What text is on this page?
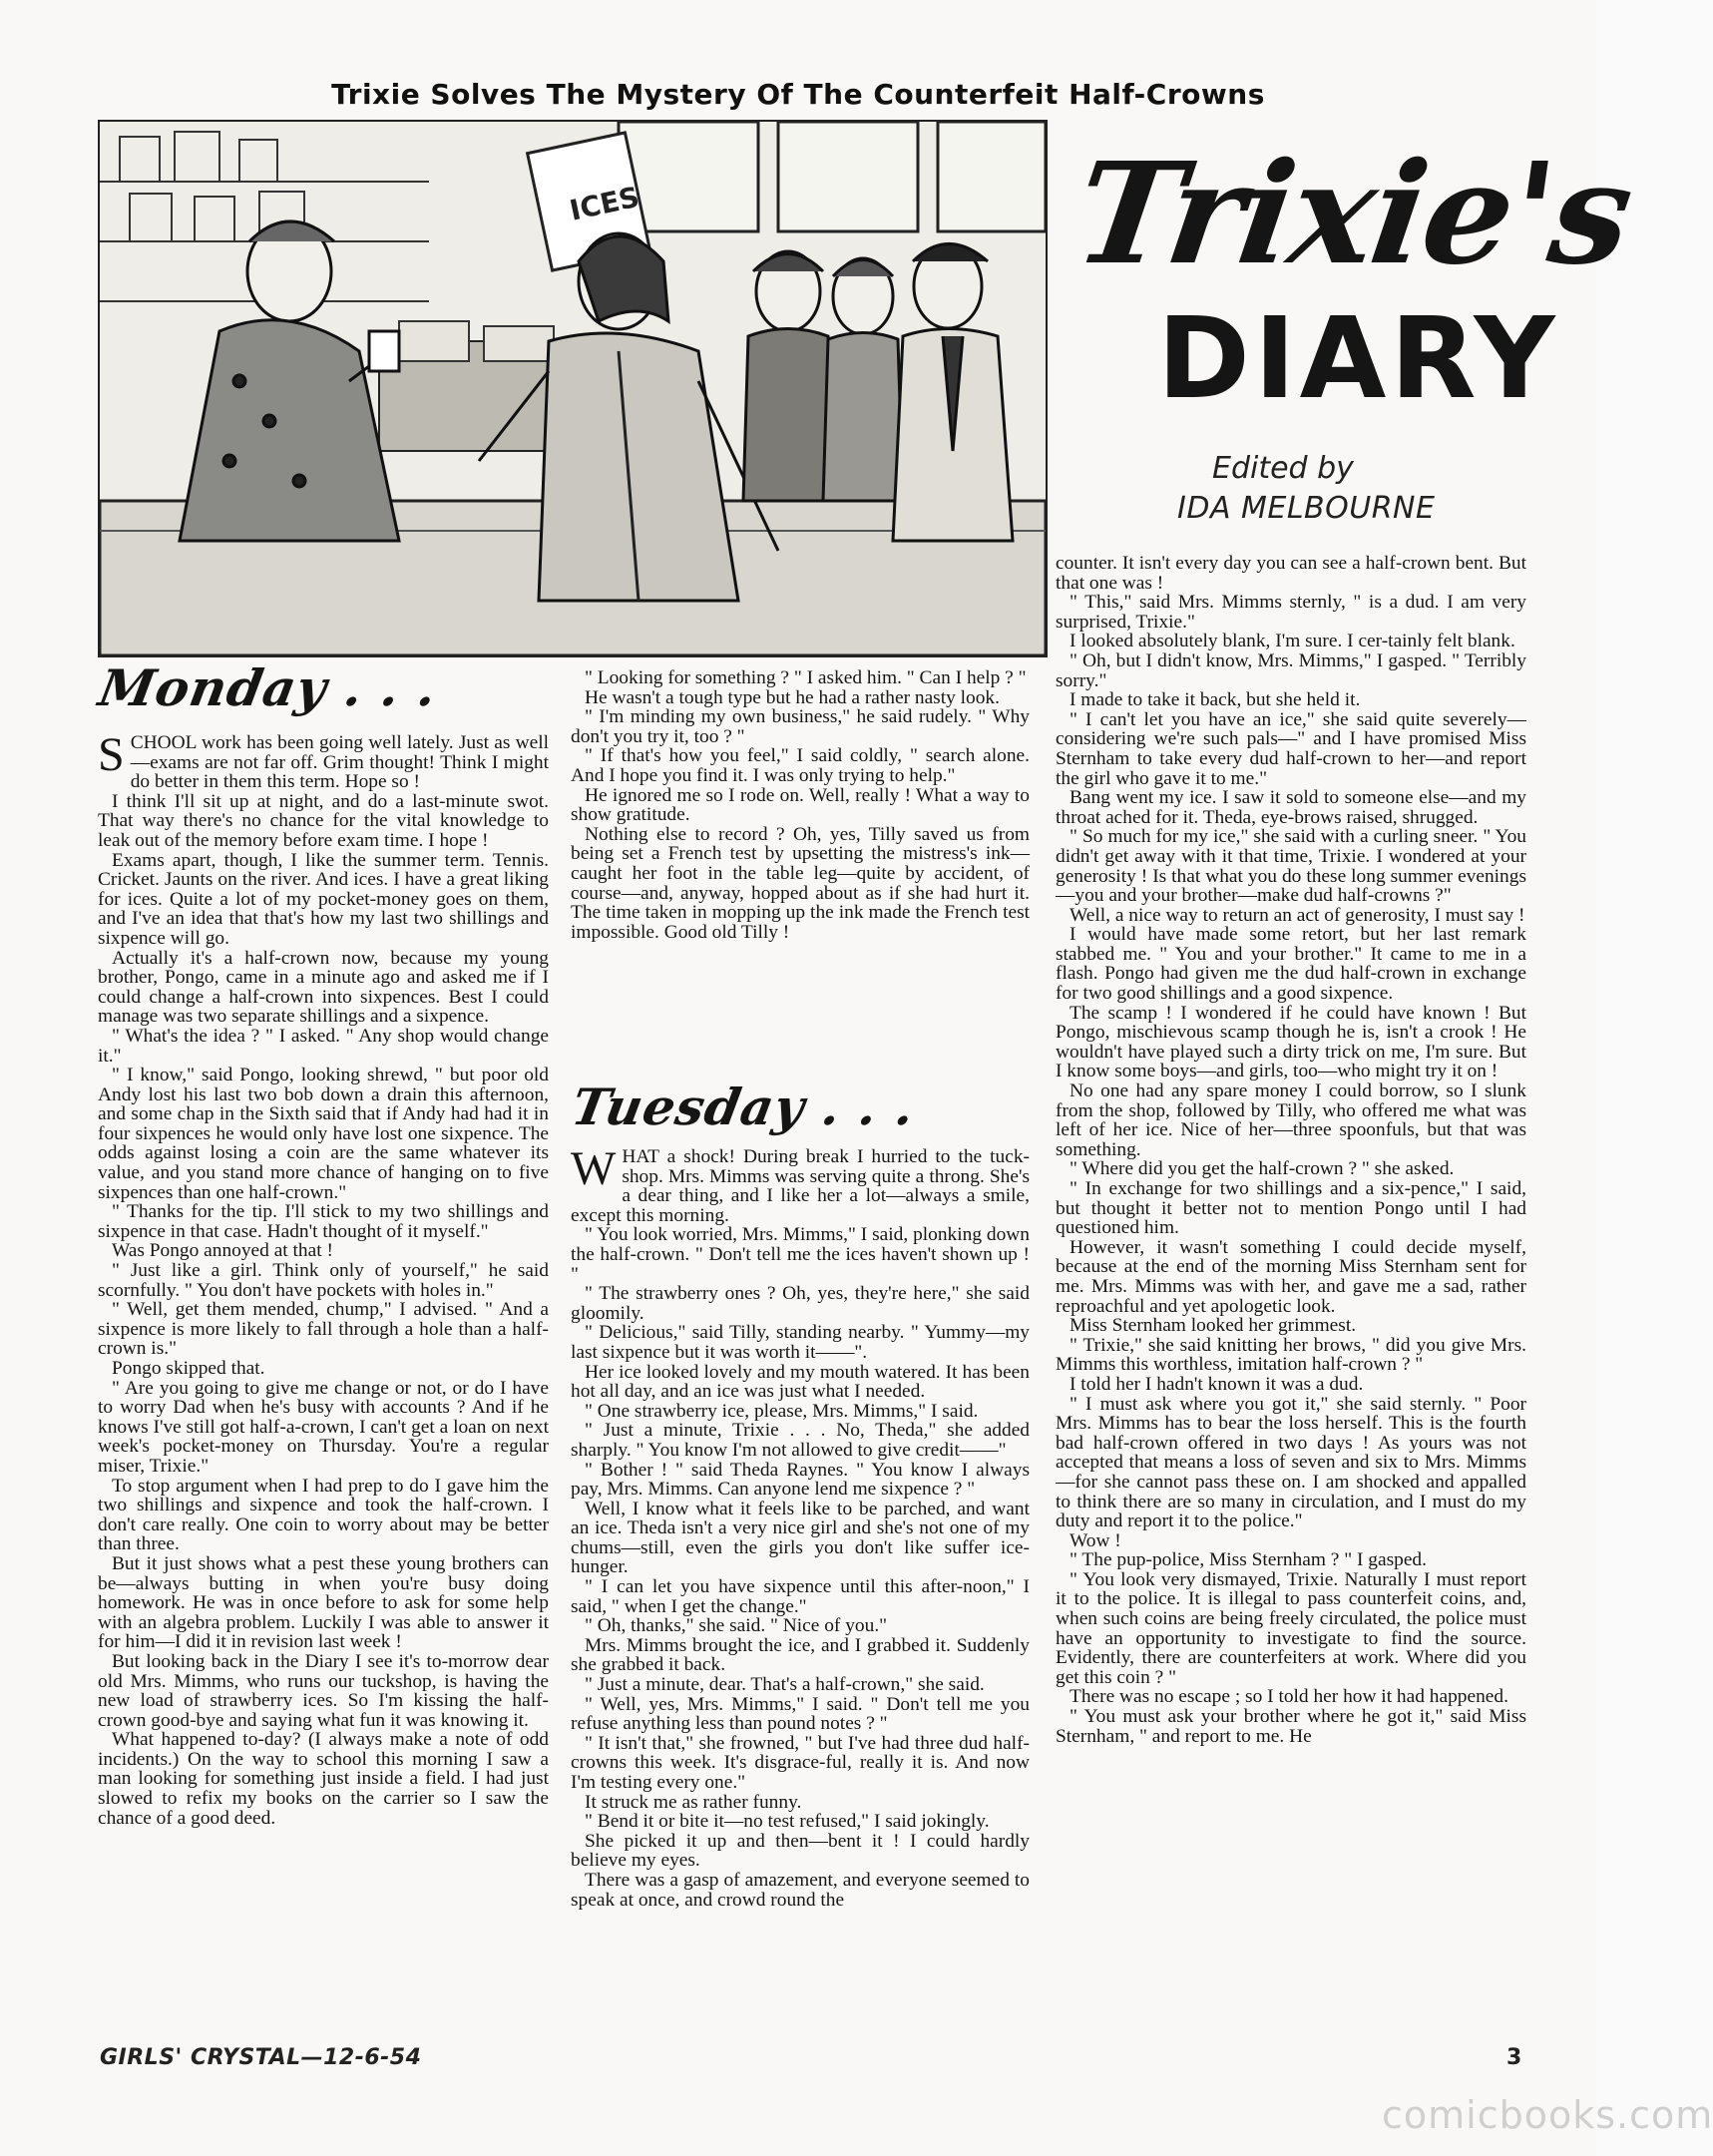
Trixie Solves The Mystery Of The Counterfeit Half-Crowns
ICES	Trixie's
DIARY
Edited by
IDA MELBOURNE
Monday . . .

SCHOOL work has been going well lately. Just as well—exams are not far off. Grim thought! Think I might do better in them this term. Hope so !

I think I'll sit up at night, and do a last-minute swot. That way there's no chance for the vital knowledge to leak out of the memory before exam time. I hope !

Exams apart, though, I like the summer term. Tennis. Cricket. Jaunts on the river. And ices. I have a great liking for ices. Quite a lot of my pocket-money goes on them, and I've an idea that that's how my last two shillings and sixpence will go.

Actually it's a half-crown now, because my young brother, Pongo, came in a minute ago and asked me if I could change a half-crown into sixpences. Best I could manage was two separate shillings and a sixpence.

" What's the idea ? " I asked. " Any shop would change it."

" I know," said Pongo, looking shrewd, " but poor old Andy lost his last two bob down a drain this afternoon, and some chap in the Sixth said that if Andy had had it in four sixpences he would only have lost one sixpence. The odds against losing a coin are the same whatever its value, and you stand more chance of hanging on to five sixpences than one half-crown."

" Thanks for the tip. I'll stick to my two shillings and sixpence in that case. Hadn't thought of it myself."

Was Pongo annoyed at that !

" Just like a girl. Think only of yourself," he said scornfully. " You don't have pockets with holes in."

" Well, get them mended, chump," I advised. " And a sixpence is more likely to fall through a hole than a half-crown is."

Pongo skipped that.

" Are you going to give me change or not, or do I have to worry Dad when he's busy with accounts ? And if he knows I've still got half-a-crown, I can't get a loan on next week's pocket-money on Thursday. You're a regular miser, Trixie."

To stop argument when I had prep to do I gave him the two shillings and sixpence and took the half-crown. I don't care really. One coin to worry about may be better than three.

But it just shows what a pest these young brothers can be—always butting in when you're busy doing homework. He was in once before to ask for some help with an algebra problem. Luckily I was able to answer it for him—I did it in revision last week !

But looking back in the Diary I see it's to-morrow dear old Mrs. Mimms, who runs our tuckshop, is having the new load of strawberry ices. So I'm kissing the half-crown good-bye and saying what fun it was knowing it.

What happened to-day? (I always make a note of odd incidents.) On the way to school this morning I saw a man looking for something just inside a field. I had just slowed to refix my books on the carrier so I saw the chance of a good deed.

" Looking for something ? " I asked him. " Can I help ? "

He wasn't a tough type but he had a rather nasty look.

" I'm minding my own business," he said rudely. " Why don't you try it, too ? "

" If that's how you feel," I said coldly, " search alone. And I hope you find it. I was only trying to help."

He ignored me so I rode on. Well, really ! What a way to show gratitude.

Nothing else to record ? Oh, yes, Tilly saved us from being set a French test by upsetting the mistress's ink—caught her foot in the table leg—quite by accident, of course—and, anyway, hopped about as if she had hurt it. The time taken in mopping up the ink made the French test impossible. Good old Tilly !

Tuesday . . .

WHAT a shock! During break I hurried to the tuck-shop. Mrs. Mimms was serving quite a throng. She's a dear thing, and I like her a lot—always a smile, except this morning.

" You look worried, Mrs. Mimms," I said, plonking down the half-crown. " Don't tell me the ices haven't shown up ! "

" The strawberry ones ? Oh, yes, they're here," she said gloomily.

" Delicious," said Tilly, standing nearby. " Yummy—my last sixpence but it was worth it——".

Her ice looked lovely and my mouth watered. It has been hot all day, and an ice was just what I needed.

" One strawberry ice, please, Mrs. Mimms," I said.

" Just a minute, Trixie . . . No, Theda," she added sharply. " You know I'm not allowed to give credit——"

" Bother ! " said Theda Raynes. " You know I always pay, Mrs. Mimms. Can anyone lend me sixpence ? "

Well, I know what it feels like to be parched, and want an ice. Theda isn't a very nice girl and she's not one of my chums—still, even the girls you don't like suffer ice-hunger.

" I can let you have sixpence until this after-noon," I said, " when I get the change."

" Oh, thanks," she said. " Nice of you."

Mrs. Mimms brought the ice, and I grabbed it. Suddenly she grabbed it back.

" Just a minute, dear. That's a half-crown," she said.

" Well, yes, Mrs. Mimms," I said. " Don't tell me you refuse anything less than pound notes ? "

" It isn't that," she frowned, " but I've had three dud half-crowns this week. It's disgrace-ful, really it is. And now I'm testing every one."

It struck me as rather funny.

" Bend it or bite it—no test refused," I said jokingly.

She picked it up and then—bent it ! I could hardly believe my eyes.

There was a gasp of amazement, and everyone seemed to speak at once, and crowd round the

counter. It isn't every day you can see a half-crown bent. But that one was !

" This," said Mrs. Mimms sternly, " is a dud. I am very surprised, Trixie."

I looked absolutely blank, I'm sure. I cer-tainly felt blank.

" Oh, but I didn't know, Mrs. Mimms," I gasped. " Terribly sorry."

I made to take it back, but she held it.

" I can't let you have an ice," she said quite severely—considering we're such pals—" and I have promised Miss Sternham to take every dud half-crown to her—and report the girl who gave it to me."

Bang went my ice. I saw it sold to someone else—and my throat ached for it. Theda, eye-brows raised, shrugged.

" So much for my ice," she said with a curling sneer. " You didn't get away with it that time, Trixie. I wondered at your generosity ! Is that what you do these long summer evenings—you and your brother—make dud half-crowns ?"

Well, a nice way to return an act of generosity, I must say !

I would have made some retort, but her last remark stabbed me. " You and your brother." It came to me in a flash. Pongo had given me the dud half-crown in exchange for two good shillings and a good sixpence.

The scamp ! I wondered if he could have known ! But Pongo, mischievous scamp though he is, isn't a crook ! He wouldn't have played such a dirty trick on me, I'm sure. But I know some boys—and girls, too—who might try it on !

No one had any spare money I could borrow, so I slunk from the shop, followed by Tilly, who offered me what was left of her ice. Nice of her—three spoonfuls, but that was something.

" Where did you get the half-crown ? " she asked.

" In exchange for two shillings and a six-pence," I said, but thought it better not to mention Pongo until I had questioned him.

However, it wasn't something I could decide myself, because at the end of the morning Miss Sternham sent for me. Mrs. Mimms was with her, and gave me a sad, rather reproachful and yet apologetic look.

Miss Sternham looked her grimmest.

" Trixie," she said knitting her brows, " did you give Mrs. Mimms this worthless, imitation half-crown ? "

I told her I hadn't known it was a dud.

" I must ask where you got it," she said sternly. " Poor Mrs. Mimms has to bear the loss herself. This is the fourth bad half-crown offered in two days ! As yours was not accepted that means a loss of seven and six to Mrs. Mimms—for she cannot pass these on. I am shocked and appalled to think there are so many in circulation, and I must do my duty and report it to the police."

Wow !

" The pup-police, Miss Sternham ? " I gasped.

" You look very dismayed, Trixie. Naturally I must report it to the police. It is illegal to pass counterfeit coins, and, when such coins are being freely circulated, the police must have an opportunity to investigate to find the source. Evidently, there are counterfeiters at work. Where did you get this coin ? "

There was no escape ; so I told her how it had happened.

" You must ask your brother where he got it," said Miss Sternham, " and report to me. He

GIRLS' CRYSTAL—12-6-54	3
comicbooks.com
